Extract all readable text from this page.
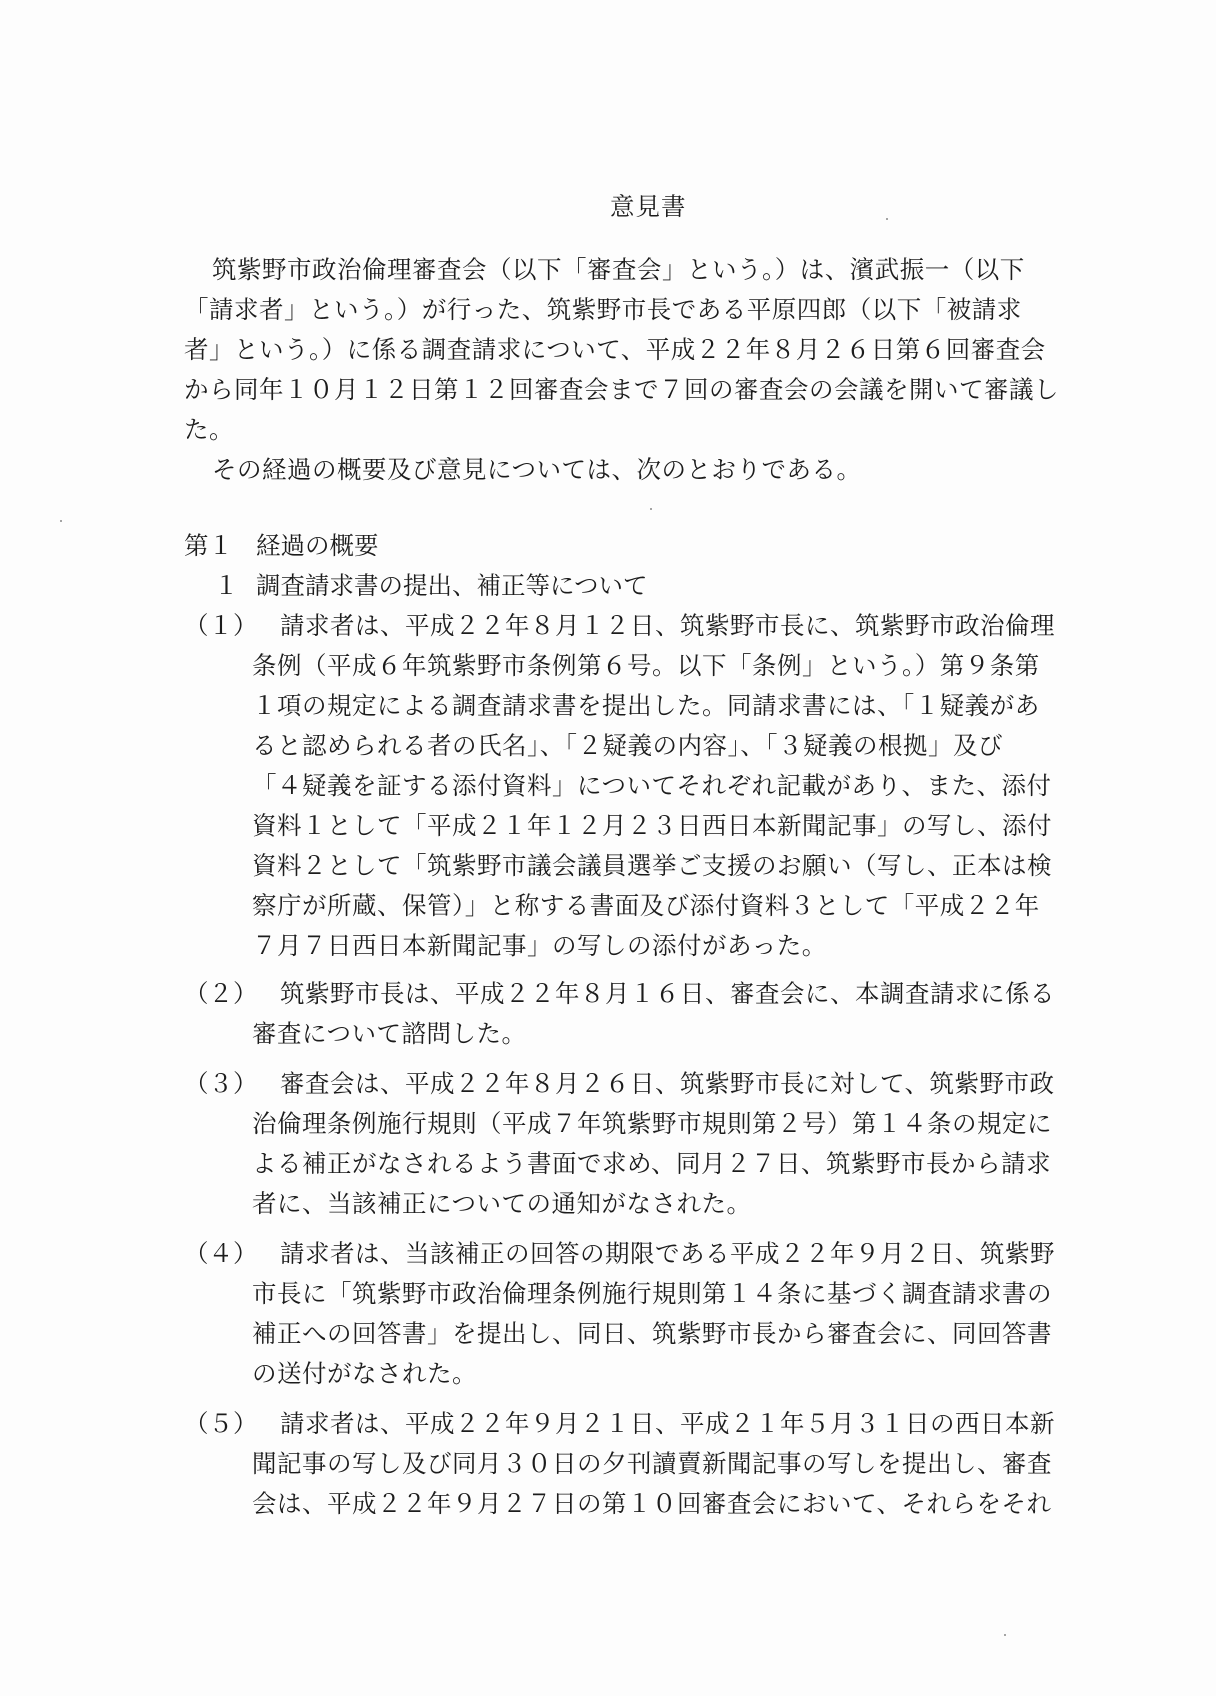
意見書
筑紫野市政治倫理審査会（以下「審査会」という。）は、濱武振一（以下
「請求者」という。）が行った、筑紫野市長である平原四郎（以下「被請求
者」という。）に係る調査請求について、平成２２年８月２６日第６回審査会
から同年１０月１２日第１２回審査会まで７回の審査会の会議を開いて審議し
た。
その経過の概要及び意見については、次のとおりである。
第１ 経過の概要
１ 調査請求書の提出、補正等について
（１） 請求者は、平成２２年８月１２日、筑紫野市長に、筑紫野市政治倫理
条例（平成６年筑紫野市条例第６号。以下「条例」という。）第９条第
１項の規定による調査請求書を提出した。同請求書には、「１疑義があ
ると認められる者の氏名」、「２疑義の内容」、「３疑義の根拠」及び
「４疑義を証する添付資料」についてそれぞれ記載があり、また、添付
資料１として「平成２１年１２月２３日西日本新聞記事」の写し、添付
資料２として「筑紫野市議会議員選挙ご支援のお願い（写し、正本は検
察庁が所蔵、保管）」と称する書面及び添付資料３として「平成２２年
７月７日西日本新聞記事」の写しの添付があった。
（２） 筑紫野市長は、平成２２年８月１６日、審査会に、本調査請求に係る
審査について諮問した。
（３） 審査会は、平成２２年８月２６日、筑紫野市長に対して、筑紫野市政
治倫理条例施行規則（平成７年筑紫野市規則第２号）第１４条の規定に
よる補正がなされるよう書面で求め、同月２７日、筑紫野市長から請求
者に、当該補正についての通知がなされた。
（４） 請求者は、当該補正の回答の期限である平成２２年９月２日、筑紫野
市長に「筑紫野市政治倫理条例施行規則第１４条に基づく調査請求書の
補正への回答書」を提出し、同日、筑紫野市長から審査会に、同回答書
の送付がなされた。
（５） 請求者は、平成２２年９月２１日、平成２１年５月３１日の西日本新
聞記事の写し及び同月３０日の夕刊讀賣新聞記事の写しを提出し、審査
会は、平成２２年９月２７日の第１０回審査会において、それらをそれ
